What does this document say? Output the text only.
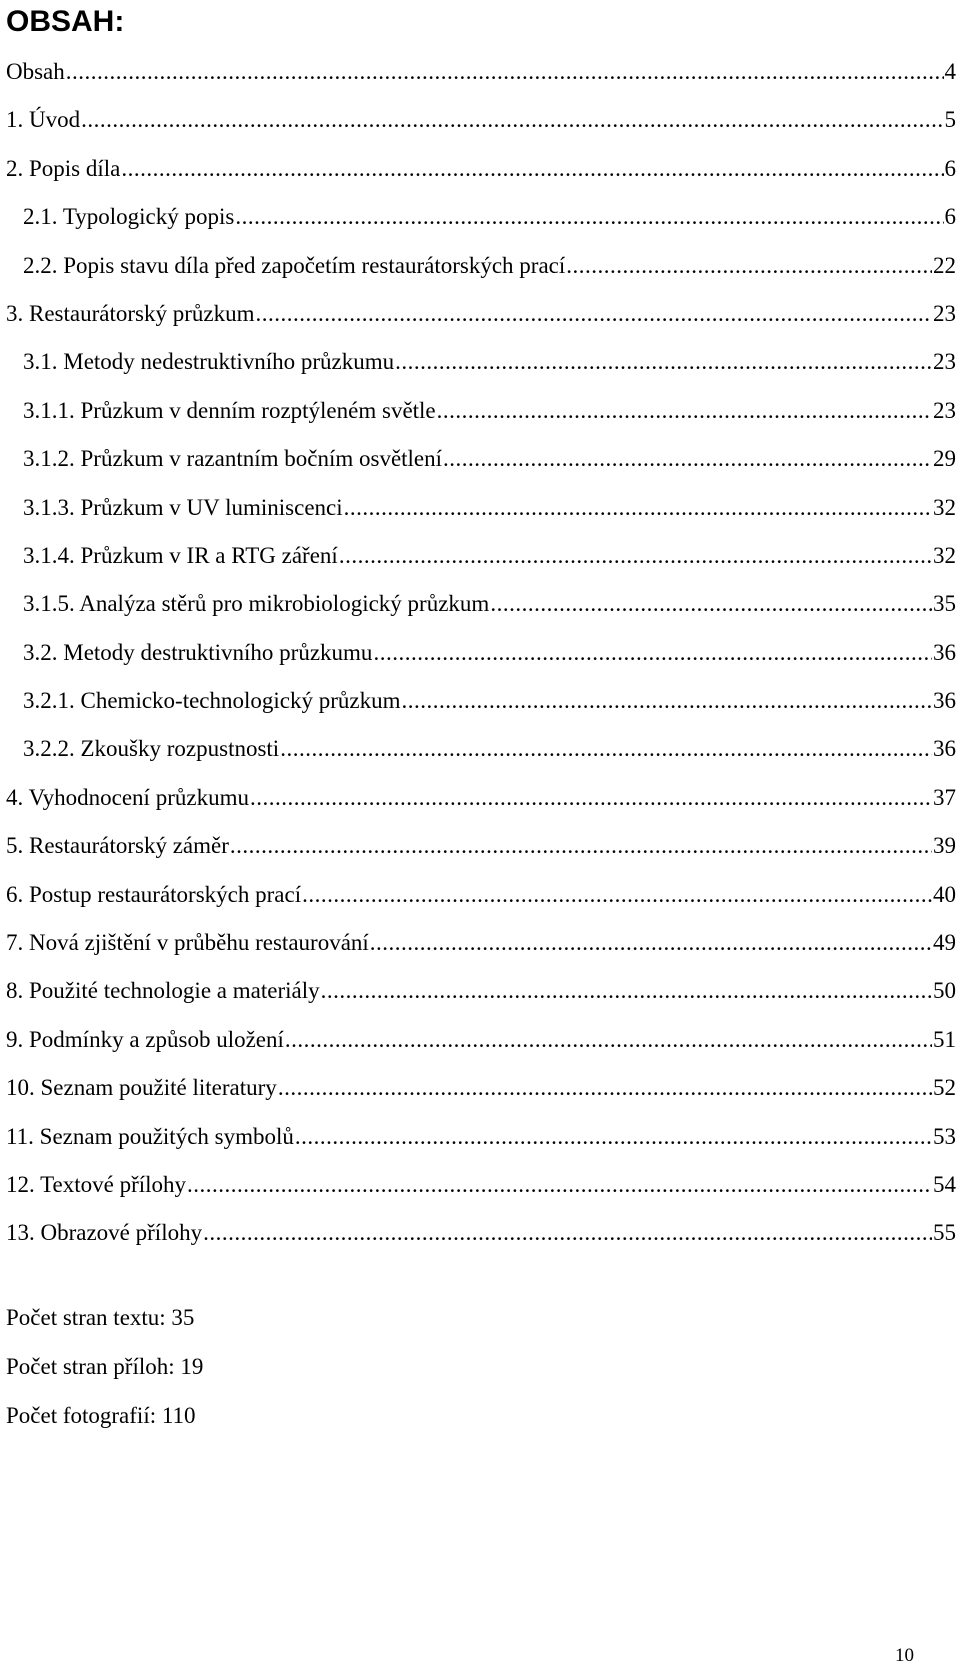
OBSAH:
Obsah .....	4
1. Úvod .....	5
2. Popis díla .....	6
2.1. Typologický popis .....	6
2.2. Popis stavu díla před započetím restaurátorských prací .....	22
3. Restaurátorský průzkum .....	23
3.1. Metody nedestruktivního průzkumu .....	23
3.1.1. Průzkum v denním rozptýleném světle .....	23
3.1.2. Průzkum v razantním bočním osvětlení .....	29
3.1.3. Průzkum v UV luminiscenci .....	32
3.1.4. Průzkum v IR a RTG záření .....	32
3.1.5. Analýza stěrů pro mikrobiologický průzkum .....	35
3.2. Metody destruktivního průzkumu .....	36
3.2.1. Chemicko-technologický průzkum .....	36
3.2.2. Zkoušky rozpustnosti .....	36
4. Vyhodnocení průzkumu .....	37
5. Restaurátorský záměr .....	39
6. Postup restaurátorských prací .....	40
7. Nová zjištění v průběhu restaurování .....	49
8. Použité technologie a materiály .....	50
9. Podmínky a způsob uložení .....	51
10. Seznam použité literatury .....	52
11. Seznam použitých symbolů .....	53
12. Textové přílohy .....	54
13. Obrazové přílohy .....	55
Počet stran textu: 35
Počet stran příloh: 19
Počet fotografií: 110
10
